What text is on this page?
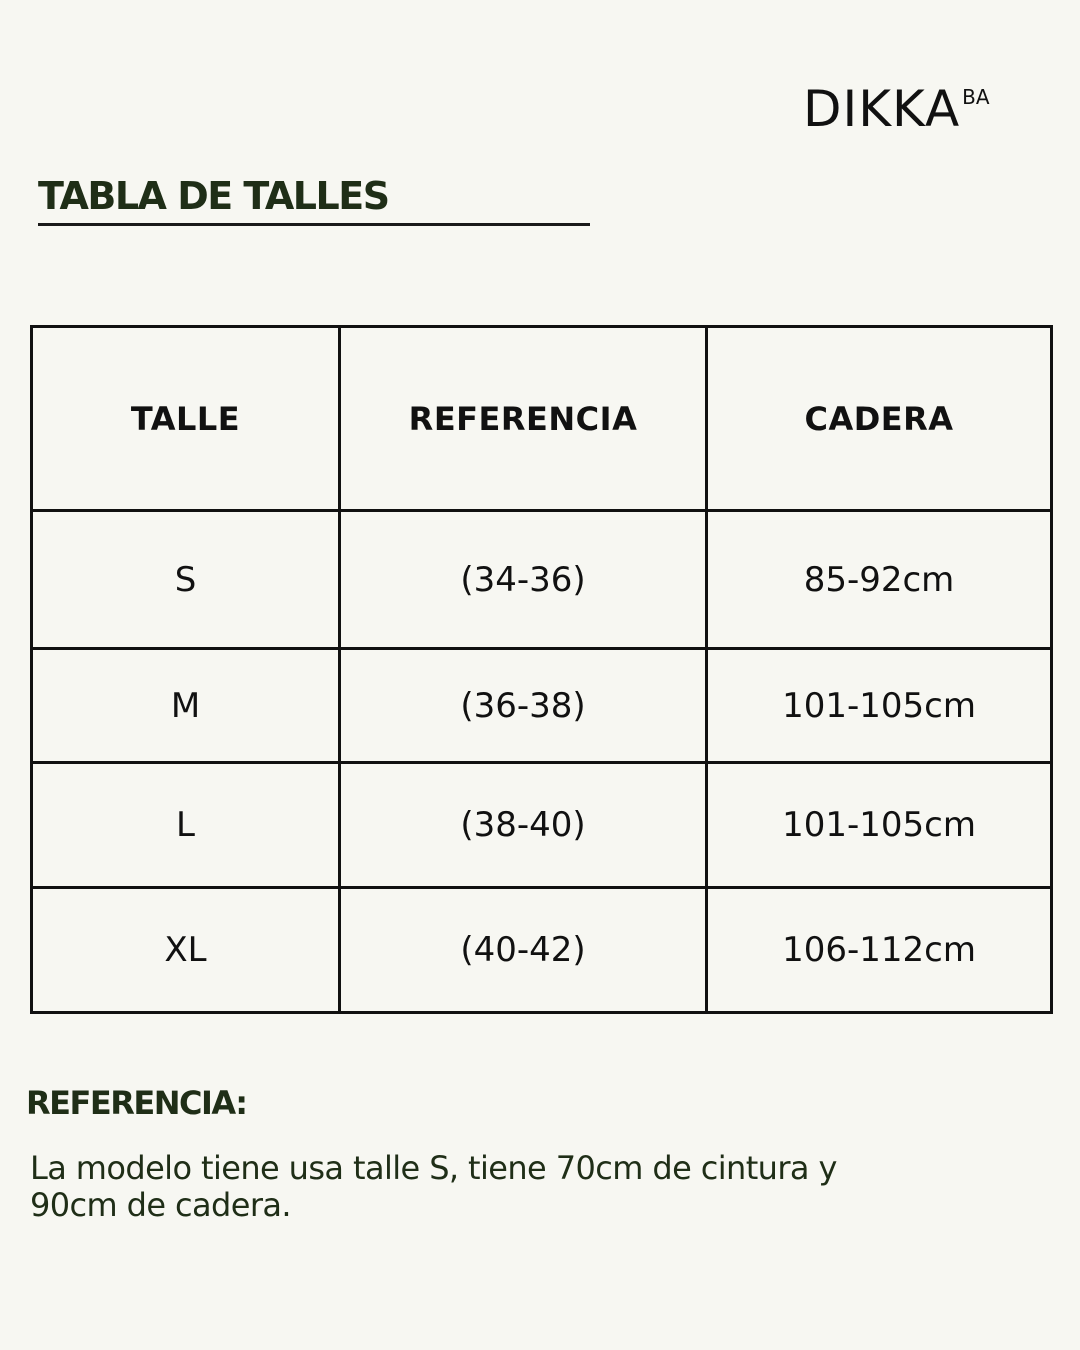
DIKKA BA
TABLA DE TALLES
TALLE	REFERENCIA	CADERA
S	(34-36)	85-92cm
M	(36-38)	101-105cm
L	(38-40)	101-105cm
XL	(40-42)	106-112cm
REFERENCIA:

La modelo tiene usa talle S, tiene 70cm de cintura y 90cm de cadera.
